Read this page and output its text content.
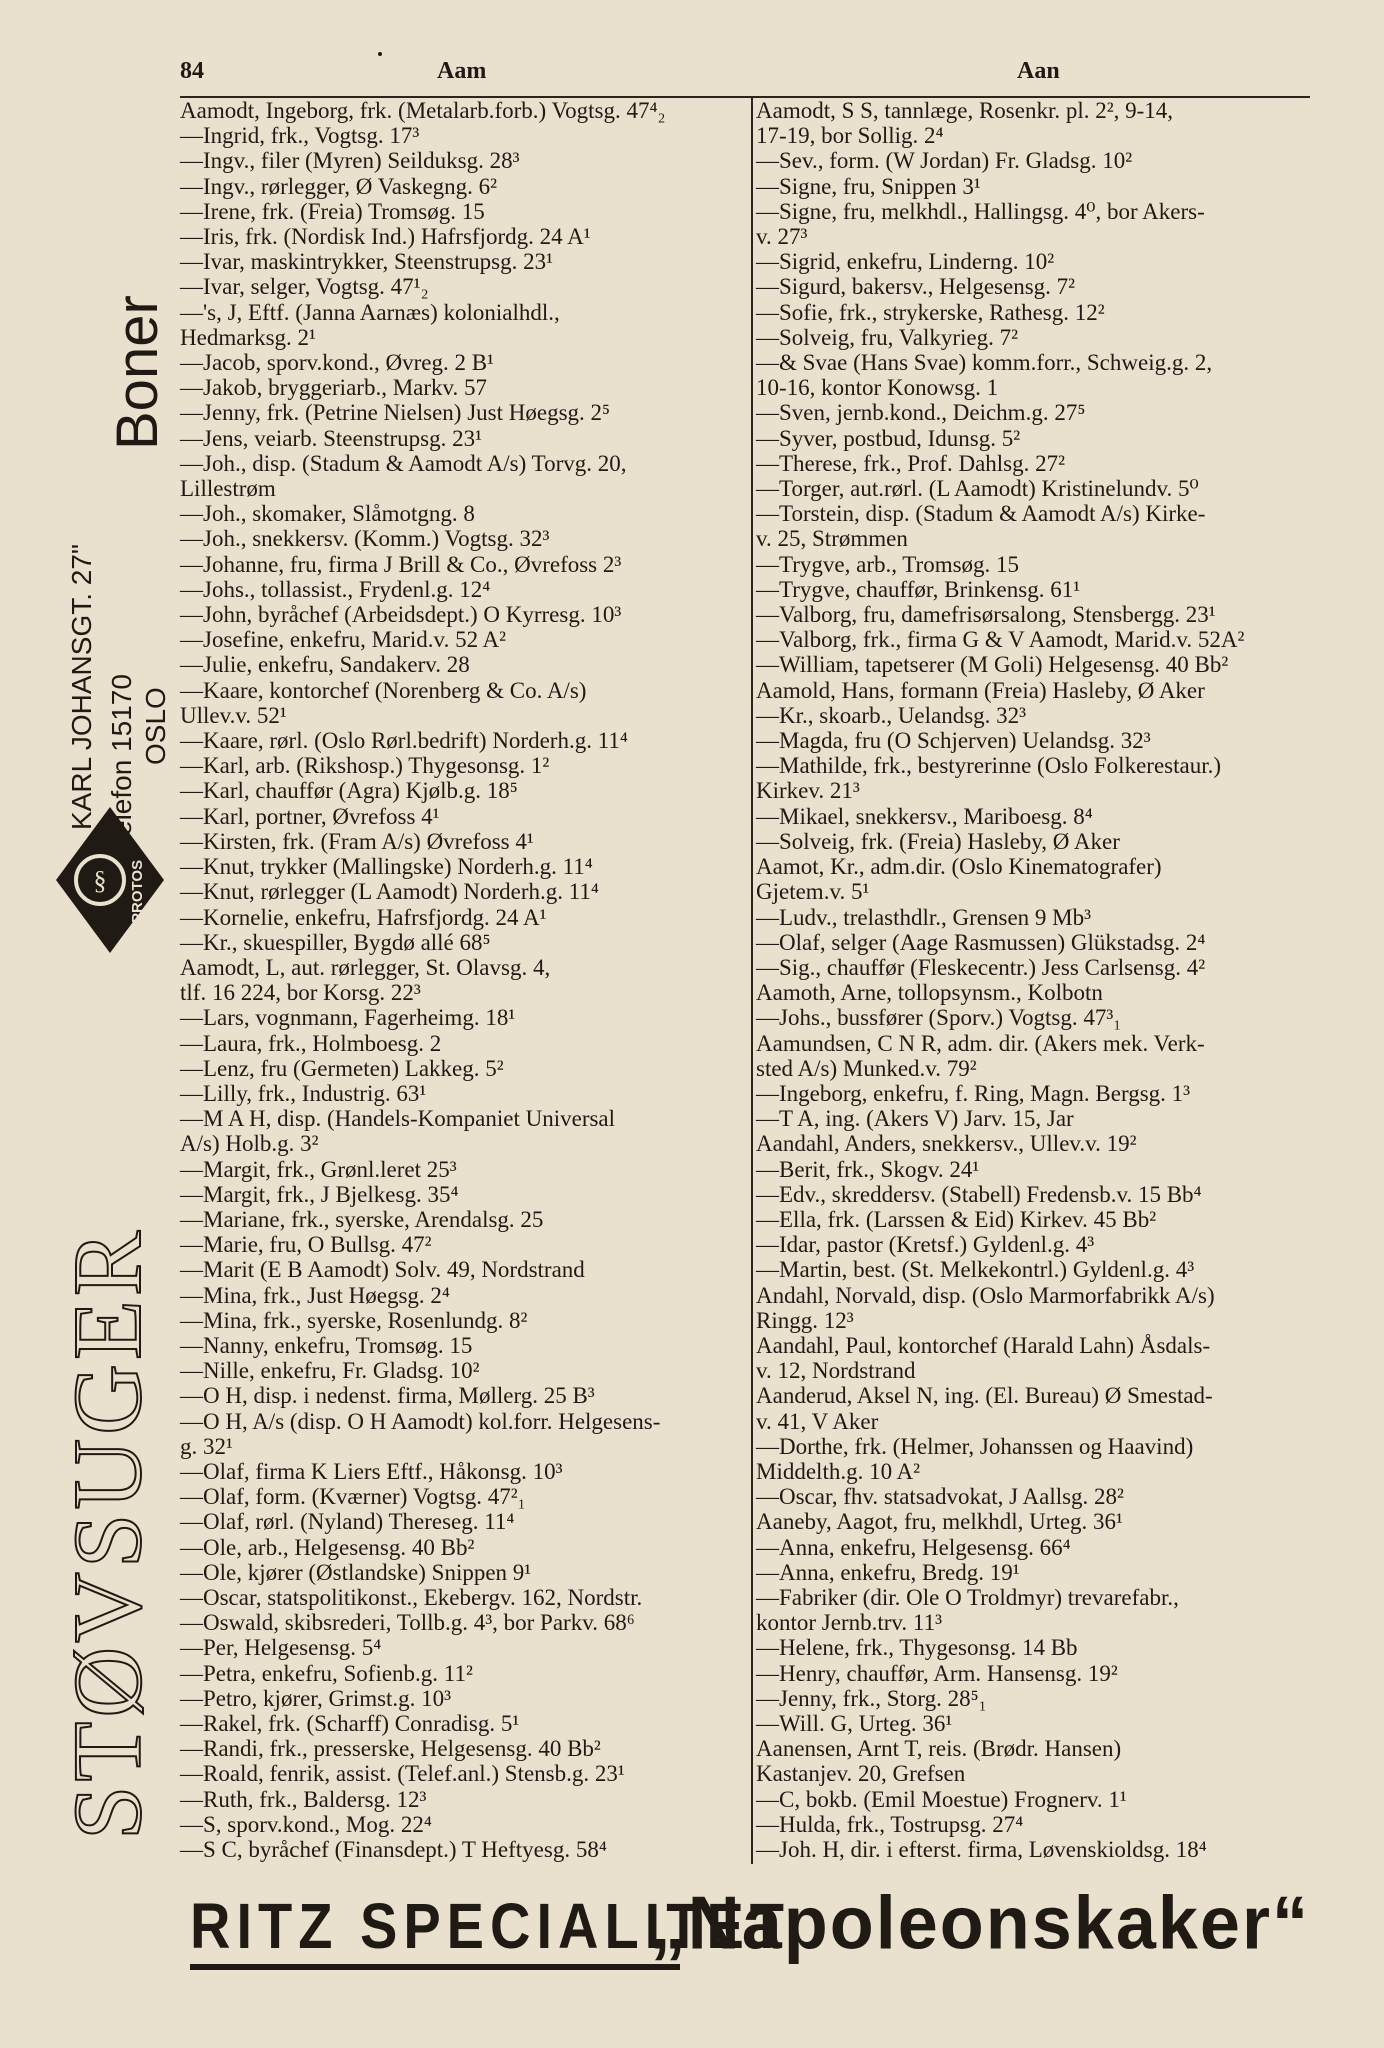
84	Aam	Aan
STØVSUGER
§ PROTOS
KARL JOHANSGT. 27" Telefon 15170 OSLO
Boner
Aamodt, Ingeborg, frk. (Metalarb.forb.) Vogtsg. 47⁴₂
—Ingrid, frk., Vogtsg. 17³
—Ingv., filer (Myren) Seilduksg. 28³
—Ingv., rørlegger, Ø Vaskegng. 6²
—Irene, frk. (Freia) Tromsøg. 15
—Iris, frk. (Nordisk Ind.) Hafrsfjordg. 24 A¹
—Ivar, maskintrykker, Steenstrupsg. 23¹
—Ivar, selger, Vogtsg. 47¹₂
—'s, J, Eftf. (Janna Aarnæs) kolonialhdl.,
Hedmarksg. 2¹
—Jacob, sporv.kond., Øvreg. 2 B¹
—Jakob, bryggeriarb., Markv. 57
—Jenny, frk. (Petrine Nielsen) Just Høegsg. 2⁵
—Jens, veiarb. Steenstrupsg. 23¹
—Joh., disp. (Stadum & Aamodt A/s) Torvg. 20,
Lillestrøm
—Joh., skomaker, Slåmotgng. 8
—Joh., snekkersv. (Komm.) Vogtsg. 32³
—Johanne, fru, firma J Brill & Co., Øvrefoss 2³
—Johs., tollassist., Frydenl.g. 12⁴
—John, byråchef (Arbeidsdept.) O Kyrresg. 10³
—Josefine, enkefru, Marid.v. 52 A²
—Julie, enkefru, Sandakerv. 28
—Kaare, kontorchef (Norenberg & Co. A/s)
Ullev.v. 52¹
—Kaare, rørl. (Oslo Rørl.bedrift) Norderh.g. 11⁴
—Karl, arb. (Rikshosp.) Thygesonsg. 1²
—Karl, chauffør (Agra) Kjølb.g. 18⁵
—Karl, portner, Øvrefoss 4¹
—Kirsten, frk. (Fram A/s) Øvrefoss 4¹
—Knut, trykker (Mallingske) Norderh.g. 11⁴
—Knut, rørlegger (L Aamodt) Norderh.g. 11⁴
—Kornelie, enkefru, Hafrsfjordg. 24 A¹
—Kr., skuespiller, Bygdø allé 68⁵
Aamodt, L, aut. rørlegger, St. Olavsg. 4,
tlf. 16 224, bor Korsg. 22³
—Lars, vognmann, Fagerheimg. 18¹
—Laura, frk., Holmboesg. 2
—Lenz, fru (Germeten) Lakkeg. 5²
—Lilly, frk., Industrig. 63¹
—M A H, disp. (Handels-Kompaniet Universal
A/s) Holb.g. 3²
—Margit, frk., Grønl.leret 25³
—Margit, frk., J Bjelkesg. 35⁴
—Mariane, frk., syerske, Arendalsg. 25
—Marie, fru, O Bullsg. 47²
—Marit (E B Aamodt) Solv. 49, Nordstrand
—Mina, frk., Just Høegsg. 2⁴
—Mina, frk., syerske, Rosenlundg. 8²
—Nanny, enkefru, Tromsøg. 15
—Nille, enkefru, Fr. Gladsg. 10²
—O H, disp. i nedenst. firma, Møllerg. 25 B³
—O H, A/s (disp. O H Aamodt) kol.forr. Helgesens-
g. 32¹
—Olaf, firma K Liers Eftf., Håkonsg. 10³
—Olaf, form. (Kværner) Vogtsg. 47²₁
—Olaf, rørl. (Nyland) Thereseg. 11⁴
—Ole, arb., Helgesensg. 40 Bb²
—Ole, kjører (Østlandske) Snippen 9¹
—Oscar, statspolitikonst., Ekebergv. 162, Nordstr.
—Oswald, skibsrederi, Tollb.g. 4³, bor Parkv. 68⁶
—Per, Helgesensg. 5⁴
—Petra, enkefru, Sofienb.g. 11²
—Petro, kjører, Grimst.g. 10³
—Rakel, frk. (Scharff) Conradisg. 5¹
—Randi, frk., presserske, Helgesensg. 40 Bb²
—Roald, fenrik, assist. (Telef.anl.) Stensb.g. 23¹
—Ruth, frk., Baldersg. 12³
—S, sporv.kond., Mog. 22⁴
—S C, byråchef (Finansdept.) T Heftyesg. 58⁴
Aamodt, S S, tannlæge, Rosenkr. pl. 2², 9-14,
17-19, bor Sollig. 2⁴
—Sev., form. (W Jordan) Fr. Gladsg. 10²
—Signe, fru, Snippen 3¹
—Signe, fru, melkhdl., Hallingsg. 4⁰, bor Akers-
v. 27³
—Sigrid, enkefru, Linderng. 10²
—Sigurd, bakersv., Helgesensg. 7²
—Sofie, frk., strykerske, Rathesg. 12²
—Solveig, fru, Valkyrieg. 7²
—& Svae (Hans Svae) komm.forr., Schweig.g. 2,
10-16, kontor Konowsg. 1
—Sven, jernb.kond., Deichm.g. 27⁵
—Syver, postbud, Idunsg. 5²
—Therese, frk., Prof. Dahlsg. 27²
—Torger, aut.rørl. (L Aamodt) Kristinelundv. 5⁰
—Torstein, disp. (Stadum & Aamodt A/s) Kirke-
v. 25, Strømmen
—Trygve, arb., Tromsøg. 15
—Trygve, chauffør, Brinkensg. 61¹
—Valborg, fru, damefrisørsalong, Stensbergg. 23¹
—Valborg, frk., firma G & V Aamodt, Marid.v. 52A²
—William, tapetserer (M Goli) Helgesensg. 40 Bb²
Aamold, Hans, formann (Freia) Hasleby, Ø Aker
—Kr., skoarb., Uelandsg. 32³
—Magda, fru (O Schjerven) Uelandsg. 32³
—Mathilde, frk., bestyrerinne (Oslo Folkerestaur.)
Kirkev. 21³
—Mikael, snekkersv., Mariboesg. 8⁴
—Solveig, frk. (Freia) Hasleby, Ø Aker
Aamot, Kr., adm.dir. (Oslo Kinematografer)
Gjetem.v. 5¹
—Ludv., trelasthdlr., Grensen 9 Mb³
—Olaf, selger (Aage Rasmussen) Glükstadsg. 2⁴
—Sig., chauffør (Fleskecentr.) Jess Carlsensg. 4²
Aamoth, Arne, tollopsynsm., Kolbotn
—Johs., bussfører (Sporv.) Vogtsg. 47³₁
Aamundsen, C N R, adm. dir. (Akers mek. Verk-
sted A/s) Munked.v. 79²
—Ingeborg, enkefru, f. Ring, Magn. Bergsg. 1³
—T A, ing. (Akers V) Jarv. 15, Jar
Aandahl, Anders, snekkersv., Ullev.v. 19²
—Berit, frk., Skogv. 24¹
—Edv., skreddersv. (Stabell) Fredensb.v. 15 Bb⁴
—Ella, frk. (Larssen & Eid) Kirkev. 45 Bb²
—Idar, pastor (Kretsf.) Gyldenl.g. 4³
—Martin, best. (St. Melkekontrl.) Gyldenl.g. 4³
Andahl, Norvald, disp. (Oslo Marmorfabrikk A/s)
Ringg. 12³
Aandahl, Paul, kontorchef (Harald Lahn) Åsdals-
v. 12, Nordstrand
Aanderud, Aksel N, ing. (El. Bureau) Ø Smestad-
v. 41, V Aker
—Dorthe, frk. (Helmer, Johanssen og Haavind)
Middelth.g. 10 A²
—Oscar, fhv. statsadvokat, J Aallsg. 28²
Aaneby, Aagot, fru, melkhdl, Urteg. 36¹
—Anna, enkefru, Helgesensg. 66⁴
—Anna, enkefru, Bredg. 19¹
—Fabriker (dir. Ole O Troldmyr) trevarefabr.,
kontor Jernb.trv. 11³
—Helene, frk., Thygesonsg. 14 Bb
—Henry, chauffør, Arm. Hansensg. 19²
—Jenny, frk., Storg. 28⁵₁
—Will. G, Urteg. 36¹
Aanensen, Arnt T, reis. (Brødr. Hansen)
Kastanjev. 20, Grefsen
—C, bokb. (Emil Moestue) Frognerv. 1¹
—Hulda, frk., Tostrupsg. 27⁴
—Joh. H, dir. i efterst. firma, Løvenskioldsg. 18⁴
RITZ SPECIALITET
„Napoleonskaker“
